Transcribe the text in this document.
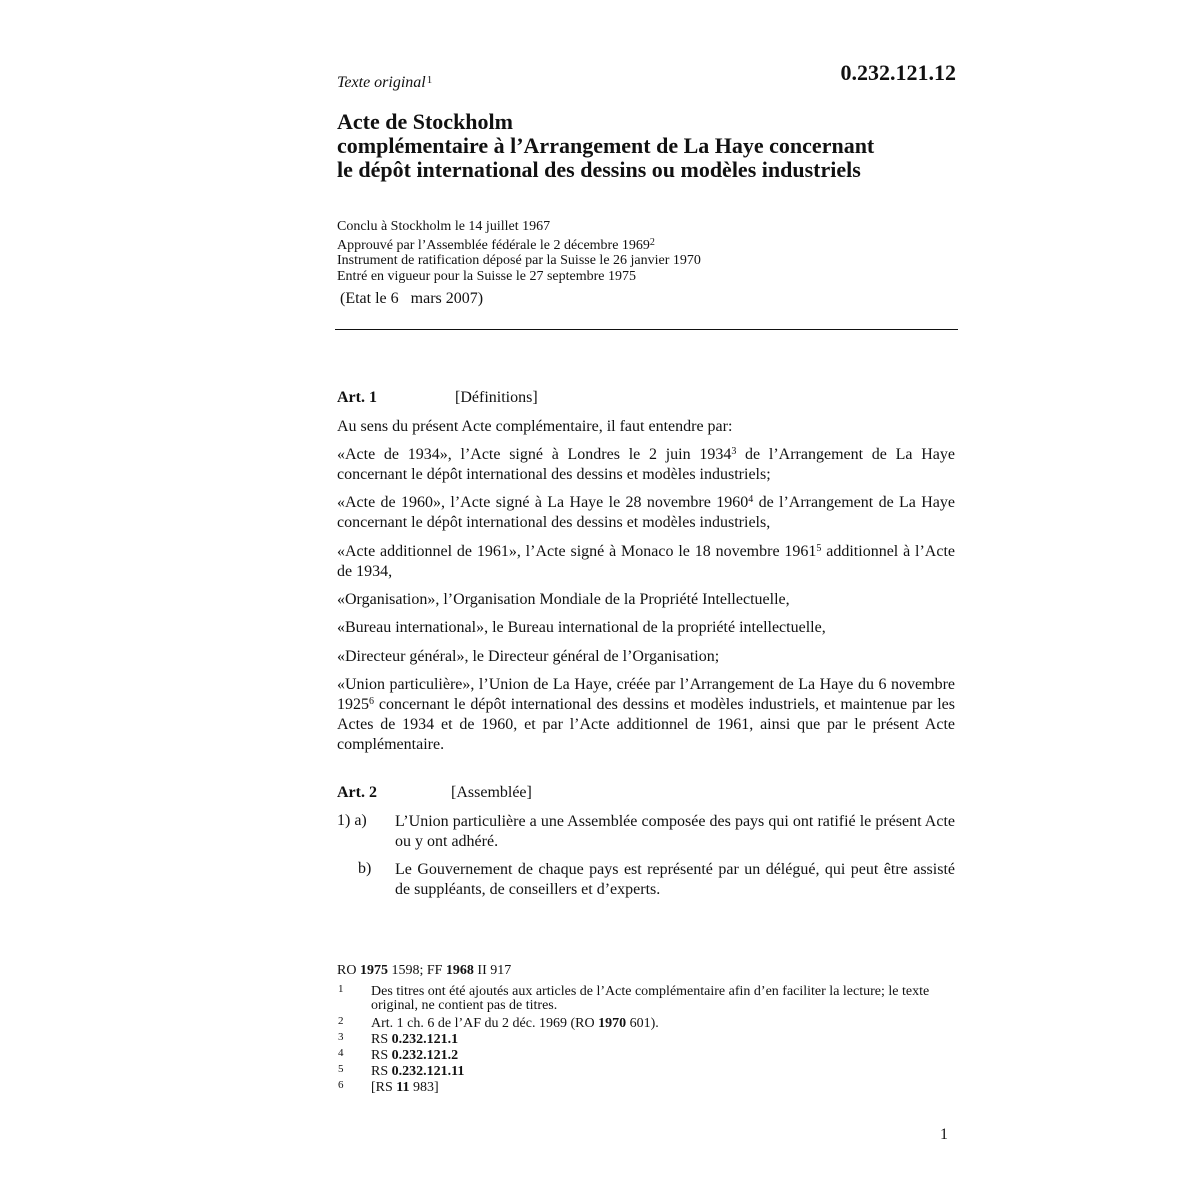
Texte original$^1$	0.232.121.12
Acte de Stockholm
complémentaire à l’Arrangement de La Haye concernant
le dépôt international des dessins ou modèles industriels
Conclu à Stockholm le 14 juillet 1967
Approuvé par l’Assemblée fédérale le 2 décembre 1969$^2$
Instrument de ratification déposé par la Suisse le 26 janvier 1970
Entré en vigueur pour la Suisse le 27 septembre 1975
(Etat le 6   mars 2007)
Art. 1	[Définitions]
Au sens du présent Acte complémentaire, il faut entendre par:
«Acte de 1934», l’Acte signé à Londres le 2 juin 1934$^3$ de l’Arrangement de La Haye concernant le dépôt international des dessins et modèles industriels;
«Acte de 1960», l’Acte signé à La Haye le 28 novembre 1960$^4$ de l’Arrangement de La Haye concernant le dépôt international des dessins et modèles industriels,
«Acte additionnel de 1961», l’Acte signé à Monaco le 18 novembre 1961$^5$ additionnel à l’Acte de 1934,
«Organisation», l’Organisation Mondiale de la Propriété Intellectuelle,
«Bureau international», le Bureau international de la propriété intellectuelle,
«Directeur général», le Directeur général de l’Organisation;
«Union particulière», l’Union de La Haye, créée par l’Arrangement de La Haye du 6 novembre 1925$^6$ concernant le dépôt international des dessins et modèles industriels, et maintenue par les Actes de 1934 et de 1960, et par l’Acte additionnel de 1961, ainsi que par le présent Acte complémentaire.
Art. 2	[Assemblée]
1) a) L’Union particulière a une Assemblée composée des pays qui ont ratifié le présent Acte ou y ont adhéré.
b) Le Gouvernement de chaque pays est représenté par un délégué, qui peut être assisté de suppléants, de conseillers et d’experts.
RO 1975 1598; FF 1968 II 917
1 Des titres ont été ajoutés aux articles de l’Acte complémentaire afin d’en faciliter la lecture; le texte original, ne contient pas de titres.
2 Art. 1 ch. 6 de l’AF du 2 déc. 1969 (RO 1970 601).
3 RS 0.232.121.1
4 RS 0.232.121.2
5 RS 0.232.121.11
6 [RS 11 983]
1
